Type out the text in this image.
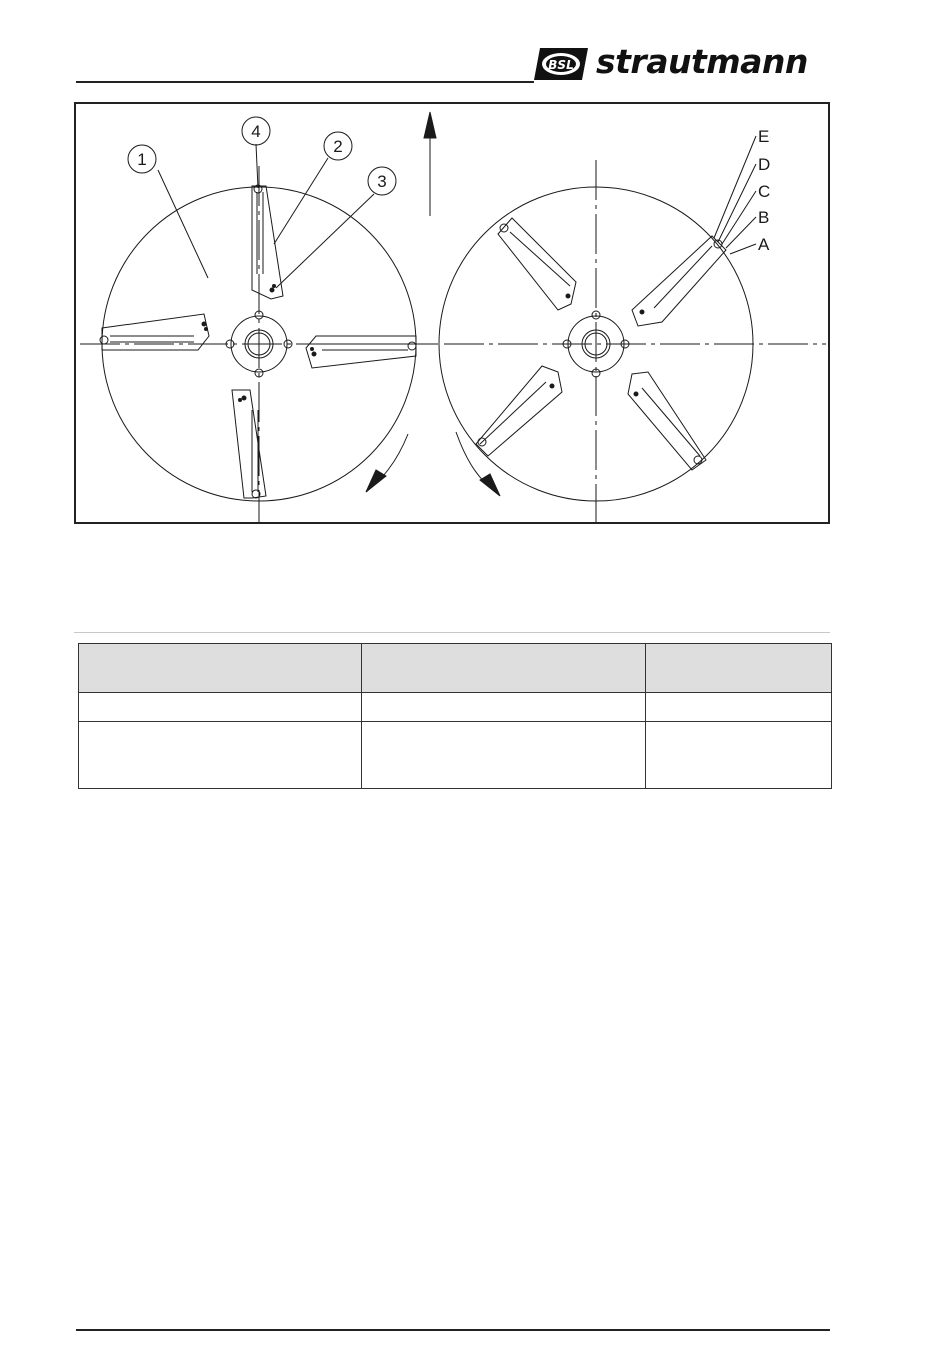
BSL strautmann
1
2
3
4	E
D
C
B
A
